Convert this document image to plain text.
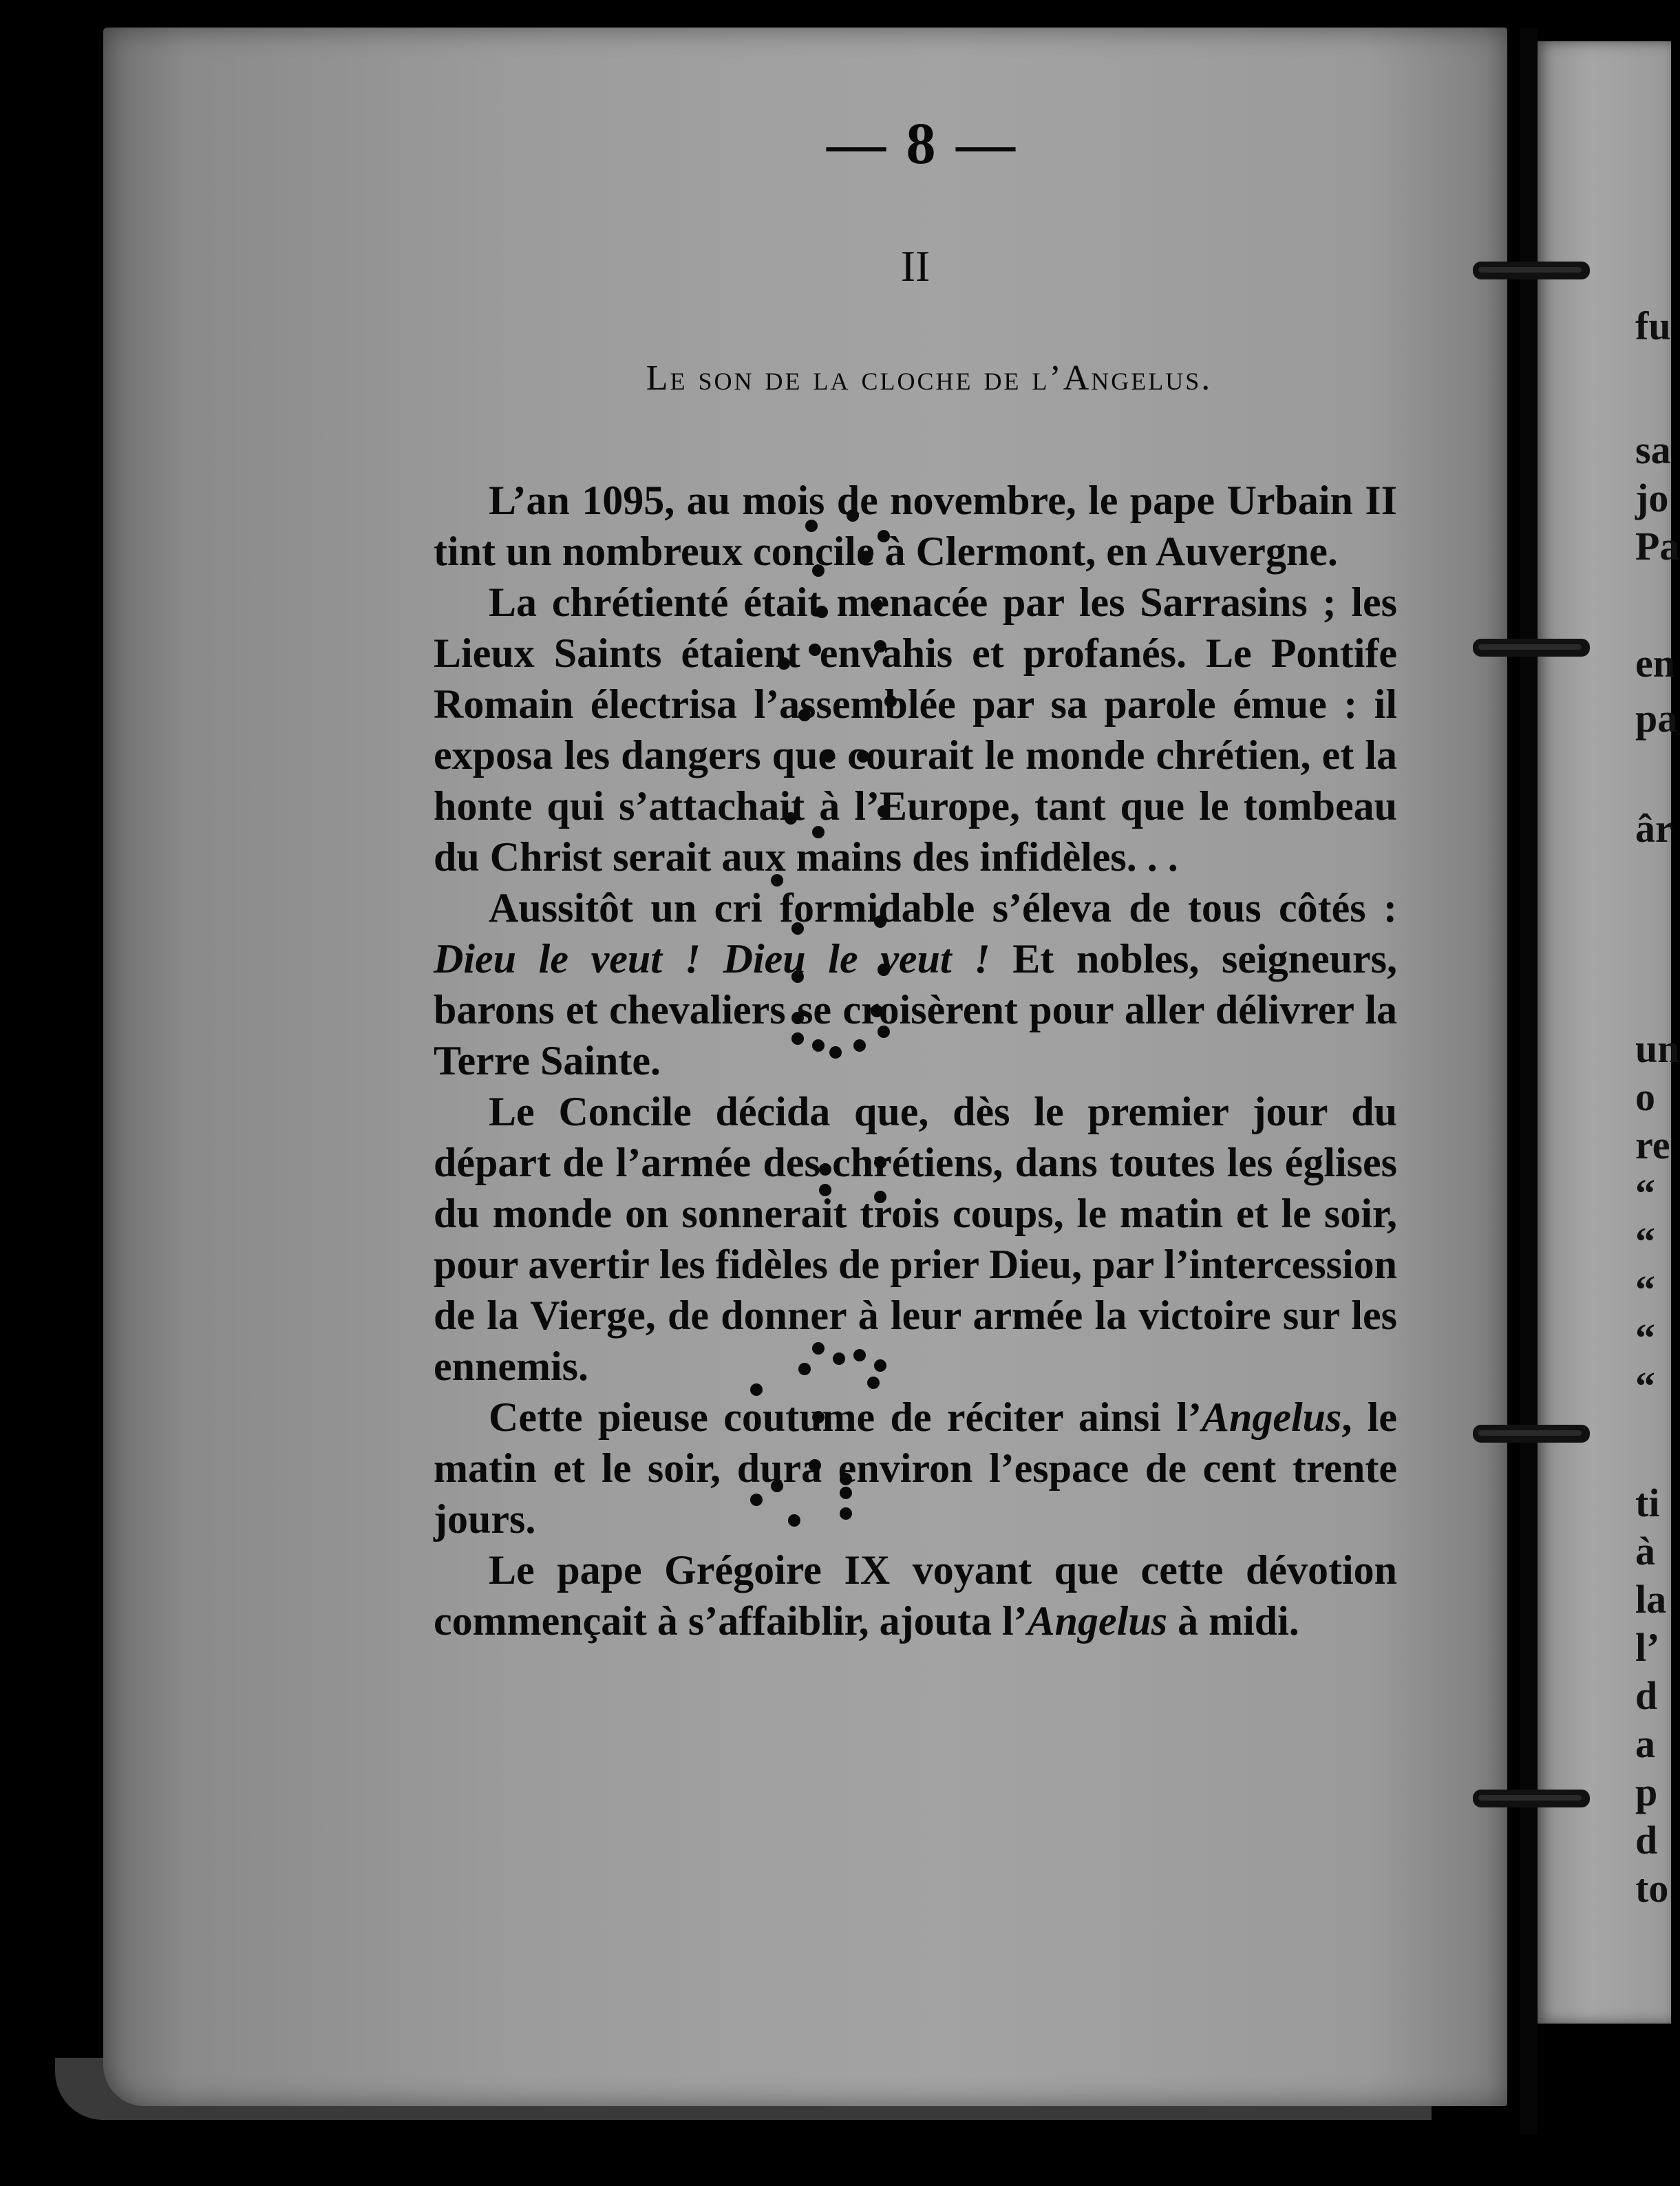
— 8 —
II
Le son de la cloche de l’Angelus.

L’an 1095, au mois de novembre, le pape Urbain II tint un nombreux concile à Clermont, en Auvergne.

La chrétienté était menacée par les Sarrasins ; les Lieux Saints étaient envahis et profanés. Le Pontife Romain électrisa l’assemblée par sa parole émue : il exposa les dangers que courait le monde chrétien, et la honte qui s’attachait à l’Europe, tant que le tombeau du Christ serait aux mains des infidèles. . .

Aussitôt un cri formidable s’éleva de tous côtés : Dieu le veut ! Dieu le veut ! Et nobles, seigneurs, barons et chevaliers se croisèrent pour aller délivrer la Terre Sainte.

Le Concile décida que, dès le premier jour du départ de l’armée des chrétiens, dans toutes les églises du monde on sonnerait trois coups, le matin et le soir, pour avertir les fidèles de prier Dieu, par l’intercession de la Vierge, de donner à leur armée la victoire sur les ennemis.

Cette pieuse coutume de réciter ainsi l’Angelus, le matin et le soir, dura environ l’espace de cent trente jours.

Le pape Grégoire IX voyant que cette dévotion commençait à s’affaiblir, ajouta l’Angelus à midi.

fu
sa
jo
Pa
en
pa
âr
un
o
re
“
“
“
“
“
ti
à
la
l’
d
a
p
d
to
